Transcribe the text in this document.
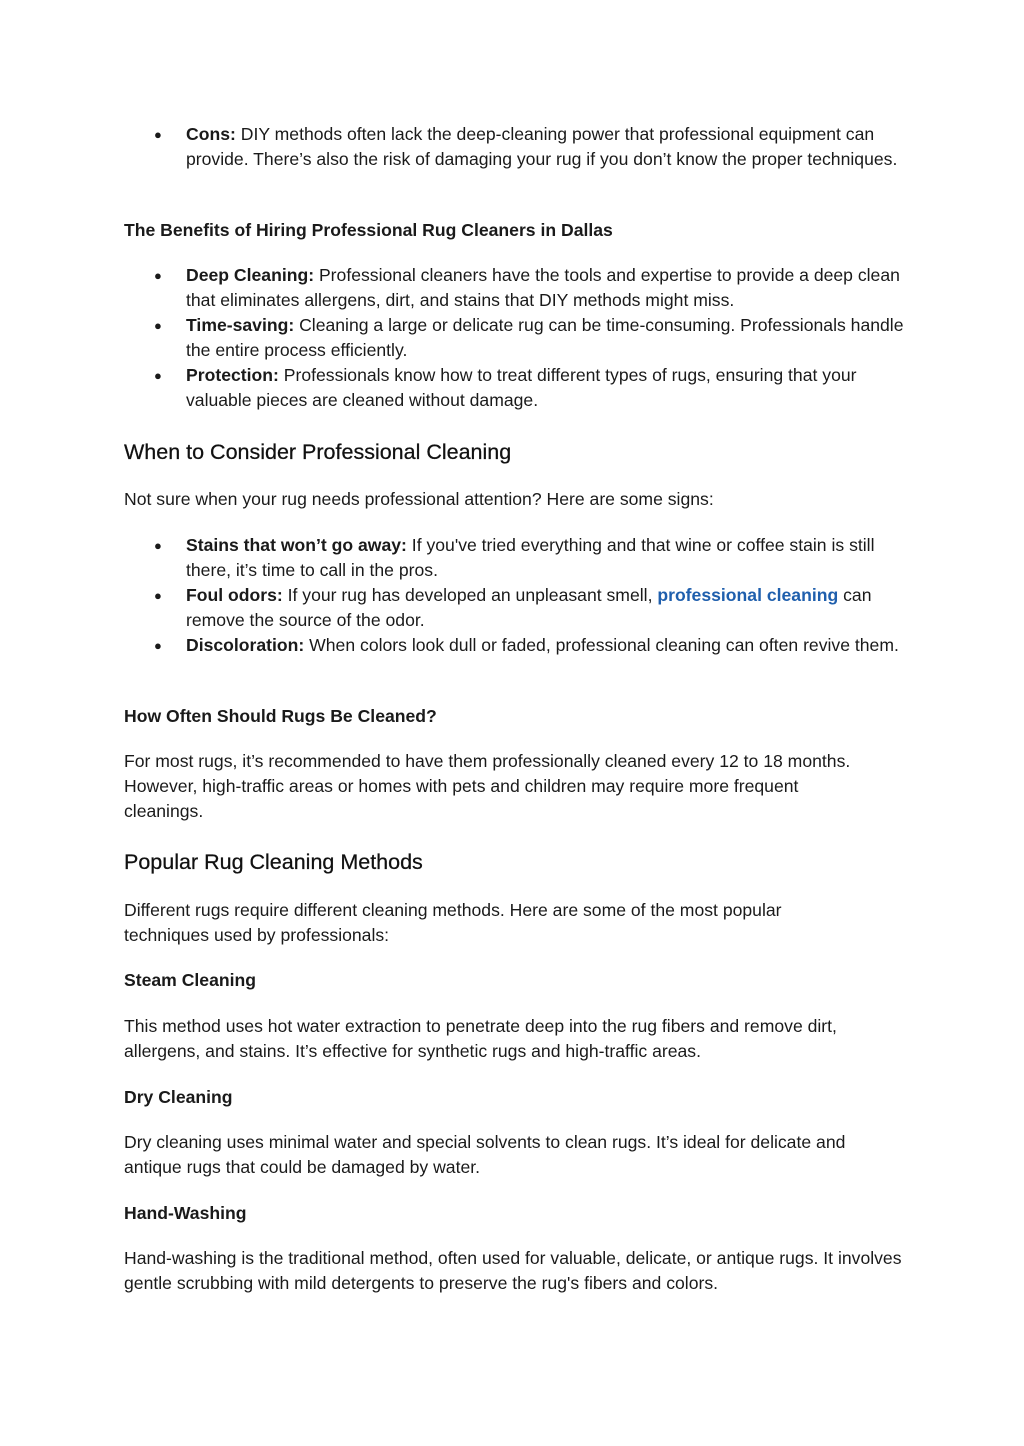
● Cons: DIY methods often lack the deep-cleaning power that professional equipment can provide. There’s also the risk of damaging your rug if you don’t know the proper techniques.

The Benefits of Hiring Professional Rug Cleaners in Dallas

● Deep Cleaning: Professional cleaners have the tools and expertise to provide a deep clean that eliminates allergens, dirt, and stains that DIY methods might miss.
● Time-saving: Cleaning a large or delicate rug can be time-consuming. Professionals handle the entire process efficiently.
● Protection: Professionals know how to treat different types of rugs, ensuring that your valuable pieces are cleaned without damage.
When to Consider Professional Cleaning

Not sure when your rug needs professional attention? Here are some signs:

● Stains that won’t go away: If you've tried everything and that wine or coffee stain is still there, it’s time to call in the pros.
● Foul odors: If your rug has developed an unpleasant smell, professional cleaning can remove the source of the odor.
● Discoloration: When colors look dull or faded, professional cleaning can often revive them.

How Often Should Rugs Be Cleaned?

For most rugs, it’s recommended to have them professionally cleaned every 12 to 18 months. However, high-traffic areas or homes with pets and children may require more frequent cleanings.

Popular Rug Cleaning Methods

Different rugs require different cleaning methods. Here are some of the most popular techniques used by professionals:

Steam Cleaning

This method uses hot water extraction to penetrate deep into the rug fibers and remove dirt, allergens, and stains. It’s effective for synthetic rugs and high-traffic areas.

Dry Cleaning

Dry cleaning uses minimal water and special solvents to clean rugs. It’s ideal for delicate and antique rugs that could be damaged by water.

Hand-Washing

Hand-washing is the traditional method, often used for valuable, delicate, or antique rugs. It involves gentle scrubbing with mild detergents to preserve the rug's fibers and colors.
